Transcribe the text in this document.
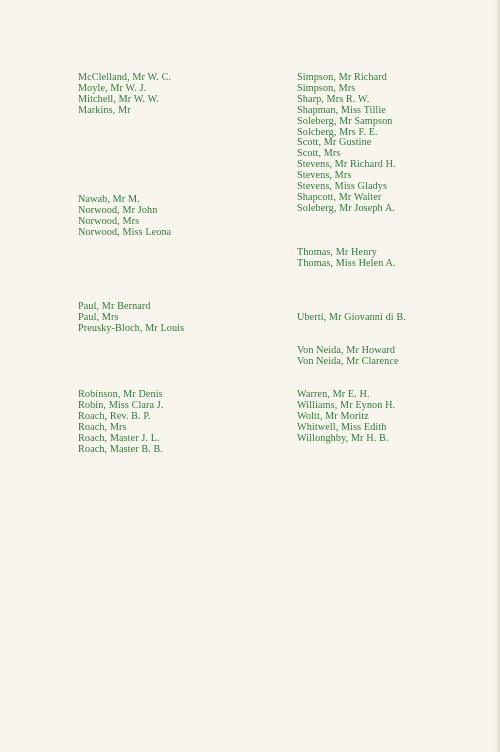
McClelland, Mr W. C.
Moyle, Mr W. J.
Mitchell, Mr W. W.
Markins, Mr
Nawab, Mr M.
Norwood, Mr John
Norwood, Mrs
Norwood, Miss Leona
Paul, Mr Bernard
Paul, Mrs
Preusky-Bloch, Mr Louis
Robinson, Mr Denis
Robin, Miss Clara J.
Roach, Rev. B. P.
Roach, Mrs
Roach, Master J. L.
Roach, Master B. B.
Simpson, Mr Richard
Simpson, Mrs
Sharp, Mrs R. W.
Shapman, Miss Tillie
Soleberg, Mr Sampson
Solcberg, Mrs F. E.
Scott, Mr Gustine
Scott, Mrs
Stevens, Mr Richard H.
Stevens, Mrs
Stevens, Miss Gladys
Shapcott, Mr Walter
Soleberg, Mr Joseph A.
Thomas, Mr Henry
Thomas, Miss Helen A.
Uberti, Mr Giovanni di B.
Von Neida, Mr Howard
Von Neida, Mr Clarence
Warren, Mr E. H.
Williams, Mr Eynon H.
Woltt, Mr Moritz
Whitwell, Miss Edith
Willonghby, Mr H. B.
